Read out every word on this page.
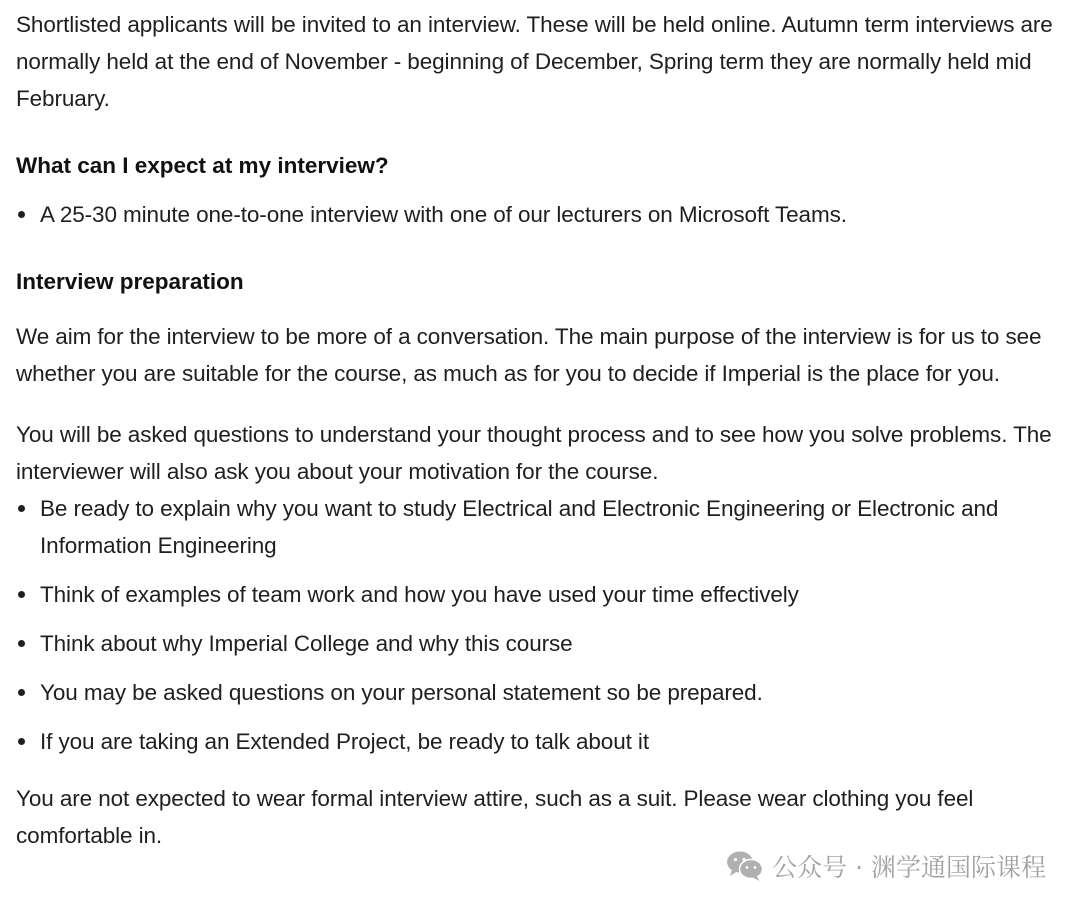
Shortlisted applicants will be invited to an interview. These will be held online. Autumn term interviews are normally held at the end of November - beginning of December, Spring term they are normally held mid February.

What can I expect at my interview?
A 25-30 minute one-to-one interview with one of our lecturers on Microsoft Teams.
Interview preparation

We aim for the interview to be more of a conversation. The main purpose of the interview is for us to see whether you are suitable for the course, as much as for you to decide if Imperial is the place for you.

You will be asked questions to understand your thought process and to see how you solve problems. The interviewer will also ask you about your motivation for the course.

Be ready to explain why you want to study Electrical and Electronic Engineering or Electronic and Information Engineering
Think of examples of team work and how you have used your time effectively
Think about why Imperial College and why this course
You may be asked questions on your personal statement so be prepared.
If you are taking an Extended Project, be ready to talk about it

You are not expected to wear formal interview attire, such as a suit. Please wear clothing you feel comfortable in.

公众号 · 渊学通国际课程
